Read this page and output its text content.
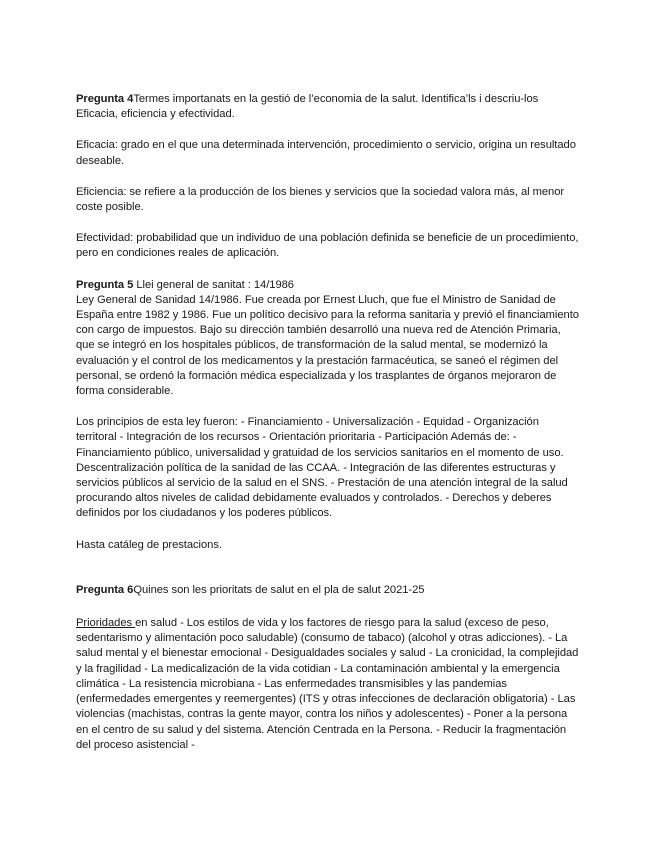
Pregunta 4Termes importanats en la gestió de l’economia de la salut. Identifica’ls i descriu-los Eficacia, eficiencia y efectividad.

Eficacia: grado en el que una determinada intervención, procedimiento o servicio, origina un resultado deseable.

Eficiencia: se refiere a la producción de los bienes y servicios que la sociedad valora más, al menor coste posible.

Efectividad: probabilidad que un individuo de una población definida se beneficie de un procedimiento, pero en condiciones reales de aplicación.

Pregunta 5 Llei general de sanitat : 14/1986

Ley General de Sanidad 14/1986. Fue creada por Ernest Lluch, que fue el Ministro de Sanidad de España entre 1982 y 1986. Fue un político decisivo para la reforma sanitaria y previó el financiamiento con cargo de impuestos. Bajo su dirección también desarrolló una nueva red de Atención Primaria, que se integró en los hospitales públicos, de transformación de la salud mental, se modernizó la evaluación y el control de los medicamentos y la prestación farmacéutica, se saneó el régimen del personal, se ordenó la formación médica especializada y los trasplantes de órganos mejoraron de forma considerable.

Los principios de esta ley fueron: - Financiamiento - Universalización - Equidad - Organización territoral - Integración de los recursos - Orientación prioritaria - Participación Además de: - Financiamiento público, universalidad y gratuidad de los servicios sanitarios en el momento de uso. Descentralización política de la sanidad de las CCAA. - Integración de las diferentes estructuras y servicios públicos al servicio de la salud en el SNS. - Prestación de una atención integral de la salud procurando altos niveles de calidad debidamente evaluados y controlados. - Derechos y deberes definidos por los ciudadanos y los poderes públicos.

Hasta catáleg de prestacions.

Pregunta 6Quines son les prioritats de salut en el pla de salut 2021-25

Prioridades en salud - Los estilos de vida y los factores de riesgo para la salud (exceso de peso, sedentarismo y alimentación poco saludable) (consumo de tabaco) (alcohol y otras adicciones). - La salud mental y el bienestar emocional - Desigualdades sociales y salud - La cronicidad, la complejidad y la fragilidad - La medicalización de la vida cotidian - La contaminación ambiental y la emergencia climática - La resistencia microbiana - Las enfermedades transmisibles y las pandemias (enfermedades emergentes y reemergentes) (ITS y otras infecciones de declaración obligatoria) - Las violencias (machistas, contras la gente mayor, contra los niños y adolescentes) - Poner a la persona en el centro de su salud y del sistema. Atención Centrada en la Persona. - Reducir la fragmentación del proceso asistencial -
